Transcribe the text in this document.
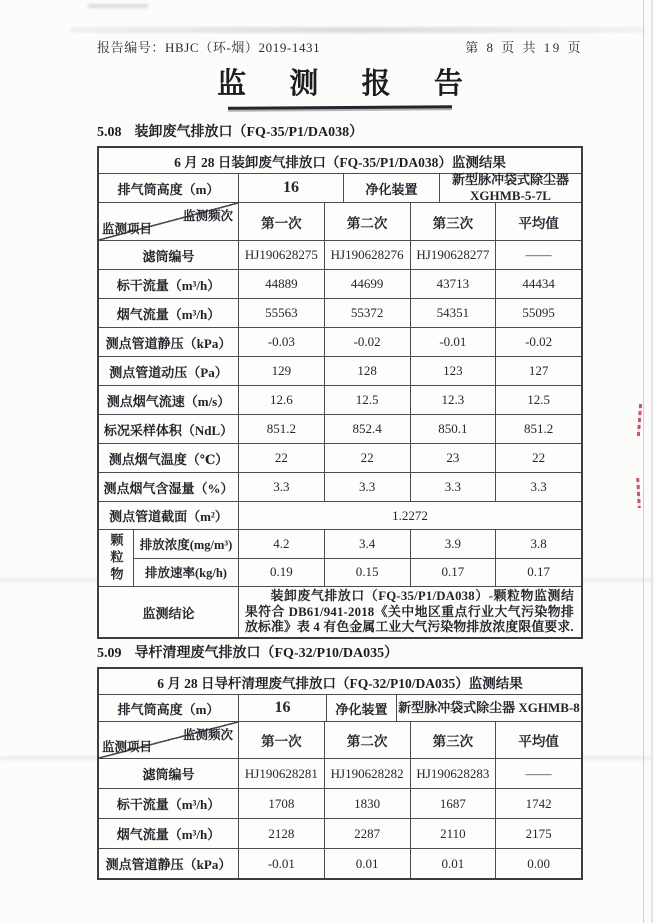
报告编号：HBJC（环-烟）2019-1431	第 8 页 共 19 页
监 测 报 告
5.08 装卸废气排放口（FQ-35/P1/DA038）
6 月 28 日装卸废气排放口（FQ-35/P1/DA038）监测结果
排气筒高度（m）	16	净化装置
新型脉冲袋式除尘器
XGHMB-5-7L
监测频次
监测项目	第一次	第二次	第三次	平均值
滤筒编号	HJ190628275 HJ190628276 HJ190628277	——
标干流量（m³/h）	44889	44699	43713	44434
烟气流量（m³/h）	55563	55372	54351	55095
测点管道静压（kPa）	-0.03	-0.02	-0.01	-0.02
测点管道动压（Pa）	129	128	123	127
测点烟气流速（m/s）	12.6	12.5	12.3	12.5
标况采样体积（NdL）	851.2	852.4	850.1	851.2
测点烟气温度（℃）	22	22	23	22
测点烟气含湿量（%）	3.3	3.3	3.3	3.3
测点管道截面（m²）	1.2272
颗粒物	排放浓度(mg/m³)	4.2	3.4	3.9	3.8
排放速率(kg/h)	0.19	0.15	0.17	0.17
监测结论

装卸废气排放口（FQ-35/P1/DA038）-颗粒物监测结果符合 DB61/941-2018《关中地区重点行业大气污染物排放标准》表 4 有色金属工业大气污染物排放浓度限值要求.

5.09 导杆清理废气排放口（FQ-32/P10/DA035）
6 月 28 日导杆清理废气排放口（FQ-32/P10/DA035）监测结果
排气筒高度（m）	16	净化装置 新型脉冲袋式除尘器 XGHMB-8
监测频次
监测项目	第一次	第二次	第三次	平均值
滤筒编号	HJ190628281 HJ190628282 HJ190628283	——
标干流量（m³/h）	1708	1830	1687	1742
烟气流量（m³/h）	2128	2287	2110	2175
测点管道静压（kPa）	-0.01	0.01	0.01	0.00
